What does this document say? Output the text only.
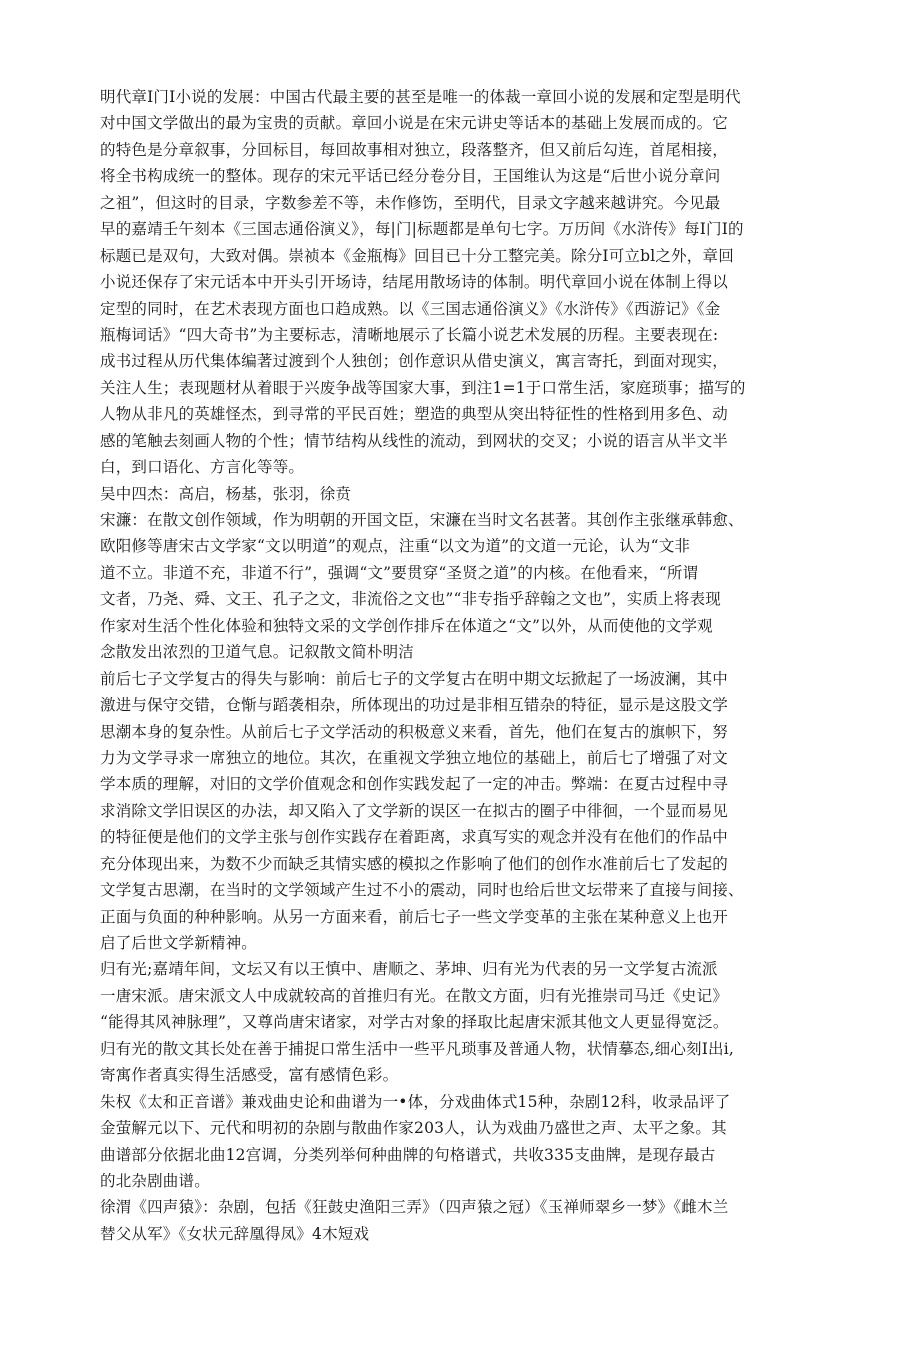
明代章I门I小说的发展：中国古代最主要的甚至是唯一的体裁一章回小说的发展和定型是明代
对中国文学做出的最为宝贵的贡献。章回小说是在宋元讲史等话本的基础上发展而成的。它
的特色是分章叙事，分回标目，每回故事相对独立，段落整齐，但又前后勾连，首尾相接，
将全书构成统一的整体。现存的宋元平话已经分卷分目，王国维认为这是“后世小说分章问
之祖”，但这时的目录，字数参差不等，未作修饬，至明代，目录文字越来越讲究。今见最
早的嘉靖壬午刻本《三国志通俗演义》，每|门|标题都是单句七字。万历间《水浒传》每I门I的
标题已是双句，大致对偶。崇祯本《金瓶梅》回目已十分工整完美。除分I可立bl之外，章回
小说还保存了宋元话本中开头引开场诗，结尾用散场诗的体制。明代章回小说在体制上得以
定型的同时，在艺术表现方面也口趋成熟。以《三国志通俗演义》《水浒传》《西游记》《金
瓶梅词话》“四大奇书”为主要标志，清晰地展示了长篇小说艺术发展的历程。主要表现在:
成书过程从历代集体编著过渡到个人独创；创作意识从借史演义，寓言寄托，到面对现实，
关注人生；表现题材从着眼于兴废争战等国家大事，到注1=1于口常生活，家庭琐事；描写的
人物从非凡的英雄怪杰，到寻常的平民百姓；塑造的典型从突出特征性的性格到用多色、动
感的笔触去刻画人物的个性；情节结构从线性的流动，到网状的交叉；小说的语言从半文半
白，到口语化、方言化等等。
吴中四杰：高启，杨基，张羽，徐贲
宋濂：在散文创作领域，作为明朝的开国文臣，宋濂在当时文名甚著。其创作主张继承韩愈、
欧阳修等唐宋古文学家“文以明道”的观点，注重“以文为道”的文道一元论，认为“文非
道不立。非道不充，非道不行”，强调“文”要贯穿“圣贤之道”的内核。在他看来，“所谓
文者，乃尧、舜、文王、孔子之文，非流俗之文也”“非专指乎辞翰之文也”，实质上将表现
作家对生活个性化体验和独特文采的文学创作排斥在体道之“文”以外，从而使他的文学观
念散发出浓烈的卫道气息。记叙散文简朴明洁
前后七子文学复古的得失与影响：前后七子的文学复古在明中期文坛掀起了一场波澜，其中
激进与保守交错，仓惭与蹈袭相杂，所体现出的功过是非相互错杂的特征，显示是这股文学
思潮本身的复杂性。从前后七子文学活动的积极意义来看，首先，他们在复古的旗帜下，努
力为文学寻求一席独立的地位。其次，在重视文学独立地位的基础上，前后七了增强了对文
学本质的理解，对旧的文学价值观念和创作实践发起了一定的冲击。弊端：在夏古过程中寻
求消除文学旧误区的办法，却又陷入了文学新的误区一在拟古的圈子中徘徊，一个显而易见
的特征便是他们的文学主张与创作实践存在着距离，求真写实的观念并没有在他们的作品中
充分体现出来，为数不少而缺乏其情实感的模拟之作影响了他们的创作水准前后七了发起的
文学复古思潮，在当时的文学领域产生过不小的震动，同时也给后世文坛带来了直接与间接、
正面与负面的种种影响。从另一方面来看，前后七子一些文学变革的主张在某种意义上也开
启了后世文学新精神。
归有光;嘉靖年间，文坛又有以王慎中、唐顺之、茅坤、归有光为代表的另一文学复古流派
一唐宋派。唐宋派文人中成就较高的首推归有光。在散文方面，归有光推崇司马迁《史记》
“能得其风神脉理”，又尊尚唐宋诸家，对学古对象的择取比起唐宋派其他文人更显得宽泛。
归有光的散文其长处在善于捕捉口常生活中一些平凡琐事及普通人物，状情摹态,细心刻I出i,
寄寓作者真实得生活感受，富有感情色彩。
朱权《太和正音谱》兼戏曲史论和曲谱为一•体，分戏曲体式15种，杂剧12科，收录品评了
金萤解元以下、元代和明初的杂剧与散曲作家203人，认为戏曲乃盛世之声、太平之象。其
曲谱部分依据北曲12宫调，分类列举何种曲牌的句格谱式，共收335支曲牌，是现存最古
的北杂剧曲谱。
徐渭《四声猿》：杂剧，包括《狂鼓史渔阳三弄》（四声猿之冠）《玉禅师翠乡一梦》《雌木兰
替父从军》《女状元辞凰得凤》4木短戏
